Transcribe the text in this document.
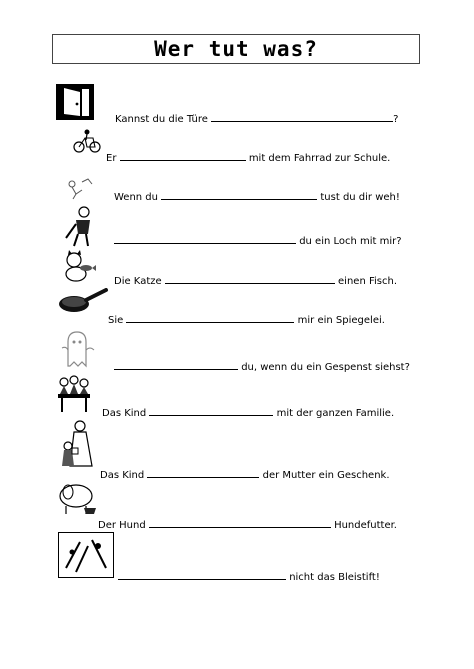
Wer tut was?
Kannst du die Türe	?
Er	mit dem Fahrrad zur Schule.
Wenn du	tust du dir weh!
du ein Loch mit mir?
Die Katze	einen Fisch.
Sie	mir ein Spiegelei.
du, wenn du ein Gespenst siehst?
Das Kind	mit der ganzen Familie.
Das Kind	der Mutter ein Geschenk.
Der Hund	Hundefutter.
nicht das Bleistift!
